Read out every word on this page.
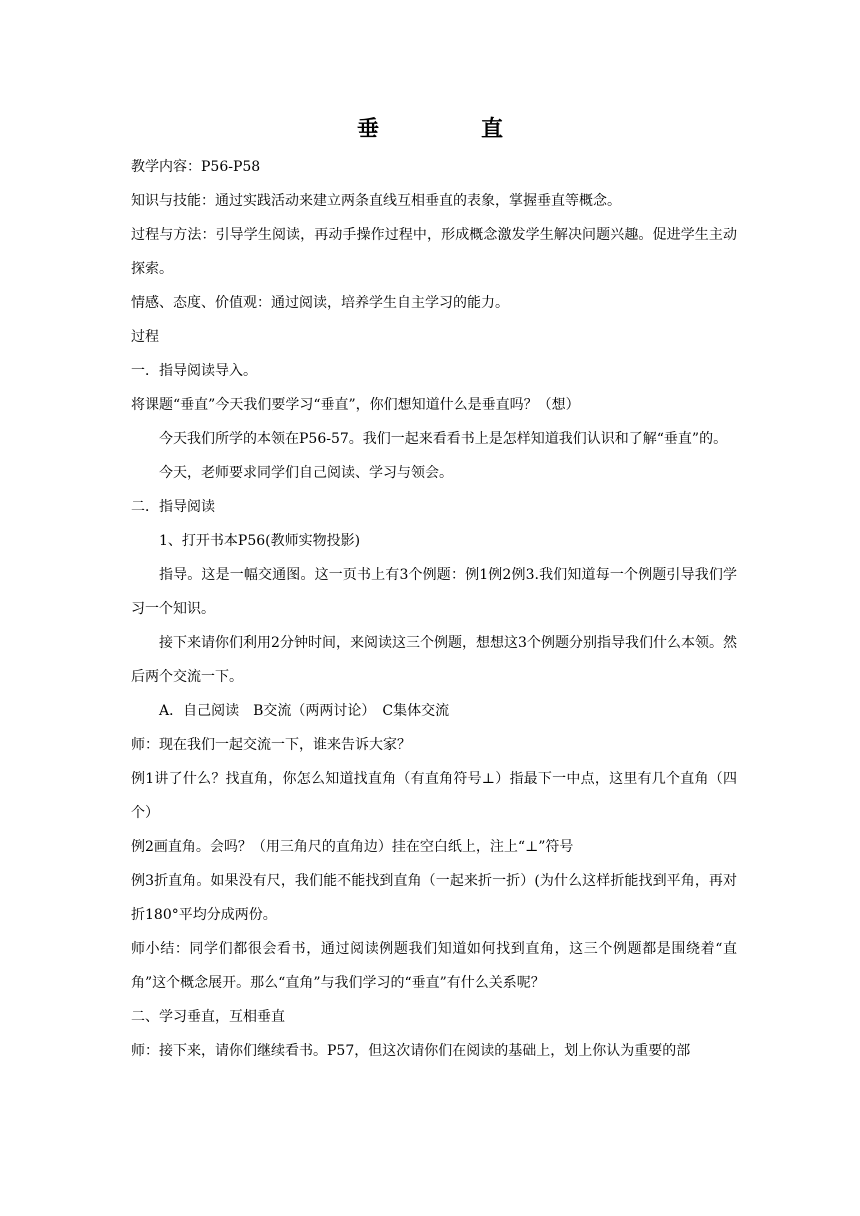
垂　直

教学内容：P56-P58

知识与技能：通过实践活动来建立两条直线互相垂直的表象，掌握垂直等概念。

过程与方法：引导学生阅读，再动手操作过程中，形成概念激发学生解决问题兴趣。促进学生主动探索。

情感、态度、价值观：通过阅读，培养学生自主学习的能力。

过程

一．指导阅读导入。

将课题“垂直”今天我们要学习“垂直”，你们想知道什么是垂直吗？（想）

今天我们所学的本领在P56-57。我们一起来看看书上是怎样知道我们认识和了解“垂直”的。

今天，老师要求同学们自己阅读、学习与领会。

二．指导阅读

1、打开书本P56(教师实物投影)

指导。这是一幅交通图。这一页书上有3个例题：例1例2例3.我们知道每一个例题引导我们学习一个知识。

接下来请你们利用2分钟时间，来阅读这三个例题，想想这3个例题分别指导我们什么本领。然后两个交流一下。

A．自己阅读　B交流（两两讨论）　C集体交流

师：现在我们一起交流一下，谁来告诉大家？

例1讲了什么？找直角，你怎么知道找直角（有直角符号⊥）指最下一中点，这里有几个直角（四个）

例2画直角。会吗？（用三角尺的直角边）挂在空白纸上，注上“⊥”符号

例3折直角。如果没有尺，我们能不能找到直角（一起来折一折）(为什么这样折能找到平角，再对折180°平均分成两份。

师小结：同学们都很会看书，通过阅读例题我们知道如何找到直角，这三个例题都是围绕着“直角”这个概念展开。那么“直角”与我们学习的“垂直”有什么关系呢？

二、学习垂直，互相垂直

师：接下来，请你们继续看书。P57，但这次请你们在阅读的基础上，划上你认为重要的部
